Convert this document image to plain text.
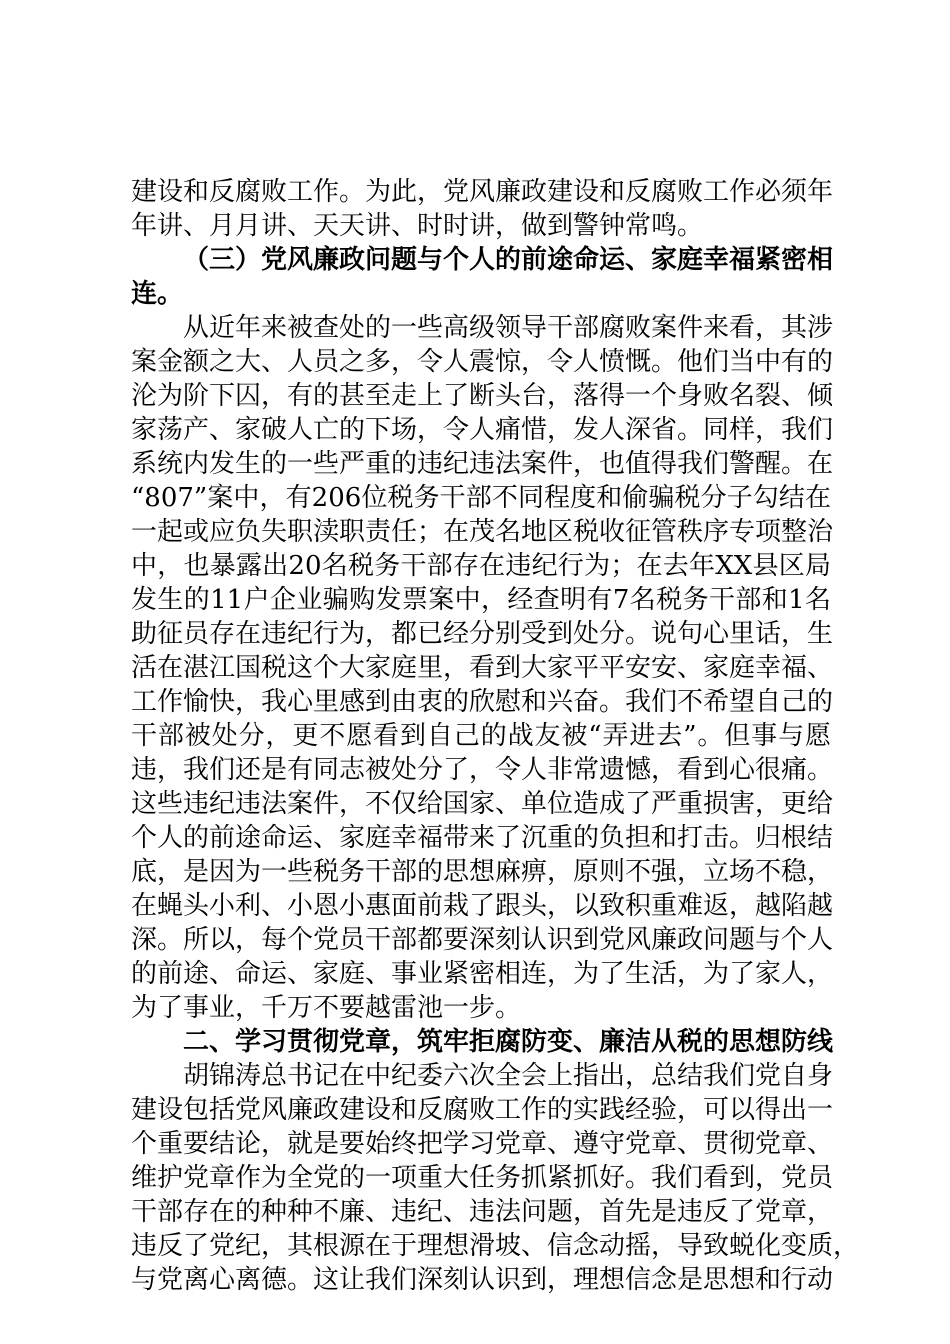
建设和反腐败工作。为此，党风廉政建设和反腐败工作必须年
年讲、月月讲、天天讲、时时讲，做到警钟常鸣。
（三）党风廉政问题与个人的前途命运、家庭幸福紧密相
连。
从近年来被查处的一些高级领导干部腐败案件来看，其涉
案金额之大、人员之多，令人震惊，令人愤慨。他们当中有的
沦为阶下囚，有的甚至走上了断头台，落得一个身败名裂、倾
家荡产、家破人亡的下场，令人痛惜，发人深省。同样，我们
系统内发生的一些严重的违纪违法案件，也值得我们警醒。在
“807”案中，有206位税务干部不同程度和偷骗税分子勾结在
一起或应负失职渎职责任；在茂名地区税收征管秩序专项整治
中，也暴露出20名税务干部存在违纪行为；在去年XX县区局
发生的11户企业骗购发票案中，经查明有7名税务干部和1名
助征员存在违纪行为，都已经分别受到处分。说句心里话，生
活在湛江国税这个大家庭里，看到大家平平安安、家庭幸福、
工作愉快，我心里感到由衷的欣慰和兴奋。我们不希望自己的
干部被处分，更不愿看到自己的战友被“弄进去”。但事与愿
违，我们还是有同志被处分了，令人非常遗憾，看到心很痛。
这些违纪违法案件，不仅给国家、单位造成了严重损害，更给
个人的前途命运、家庭幸福带来了沉重的负担和打击。归根结
底，是因为一些税务干部的思想麻痹，原则不强，立场不稳，
在蝇头小利、小恩小惠面前栽了跟头，以致积重难返，越陷越
深。所以，每个党员干部都要深刻认识到党风廉政问题与个人
的前途、命运、家庭、事业紧密相连，为了生活，为了家人，
为了事业，千万不要越雷池一步。
二、学习贯彻党章，筑牢拒腐防变、廉洁从税的思想防线
胡锦涛总书记在中纪委六次全会上指出，总结我们党自身
建设包括党风廉政建设和反腐败工作的实践经验，可以得出一
个重要结论，就是要始终把学习党章、遵守党章、贯彻党章、
维护党章作为全党的一项重大任务抓紧抓好。我们看到，党员
干部存在的种种不廉、违纪、违法问题，首先是违反了党章，
违反了党纪，其根源在于理想滑坡、信念动摇，导致蜕化变质，
与党离心离德。这让我们深刻认识到，理想信念是思想和行动
